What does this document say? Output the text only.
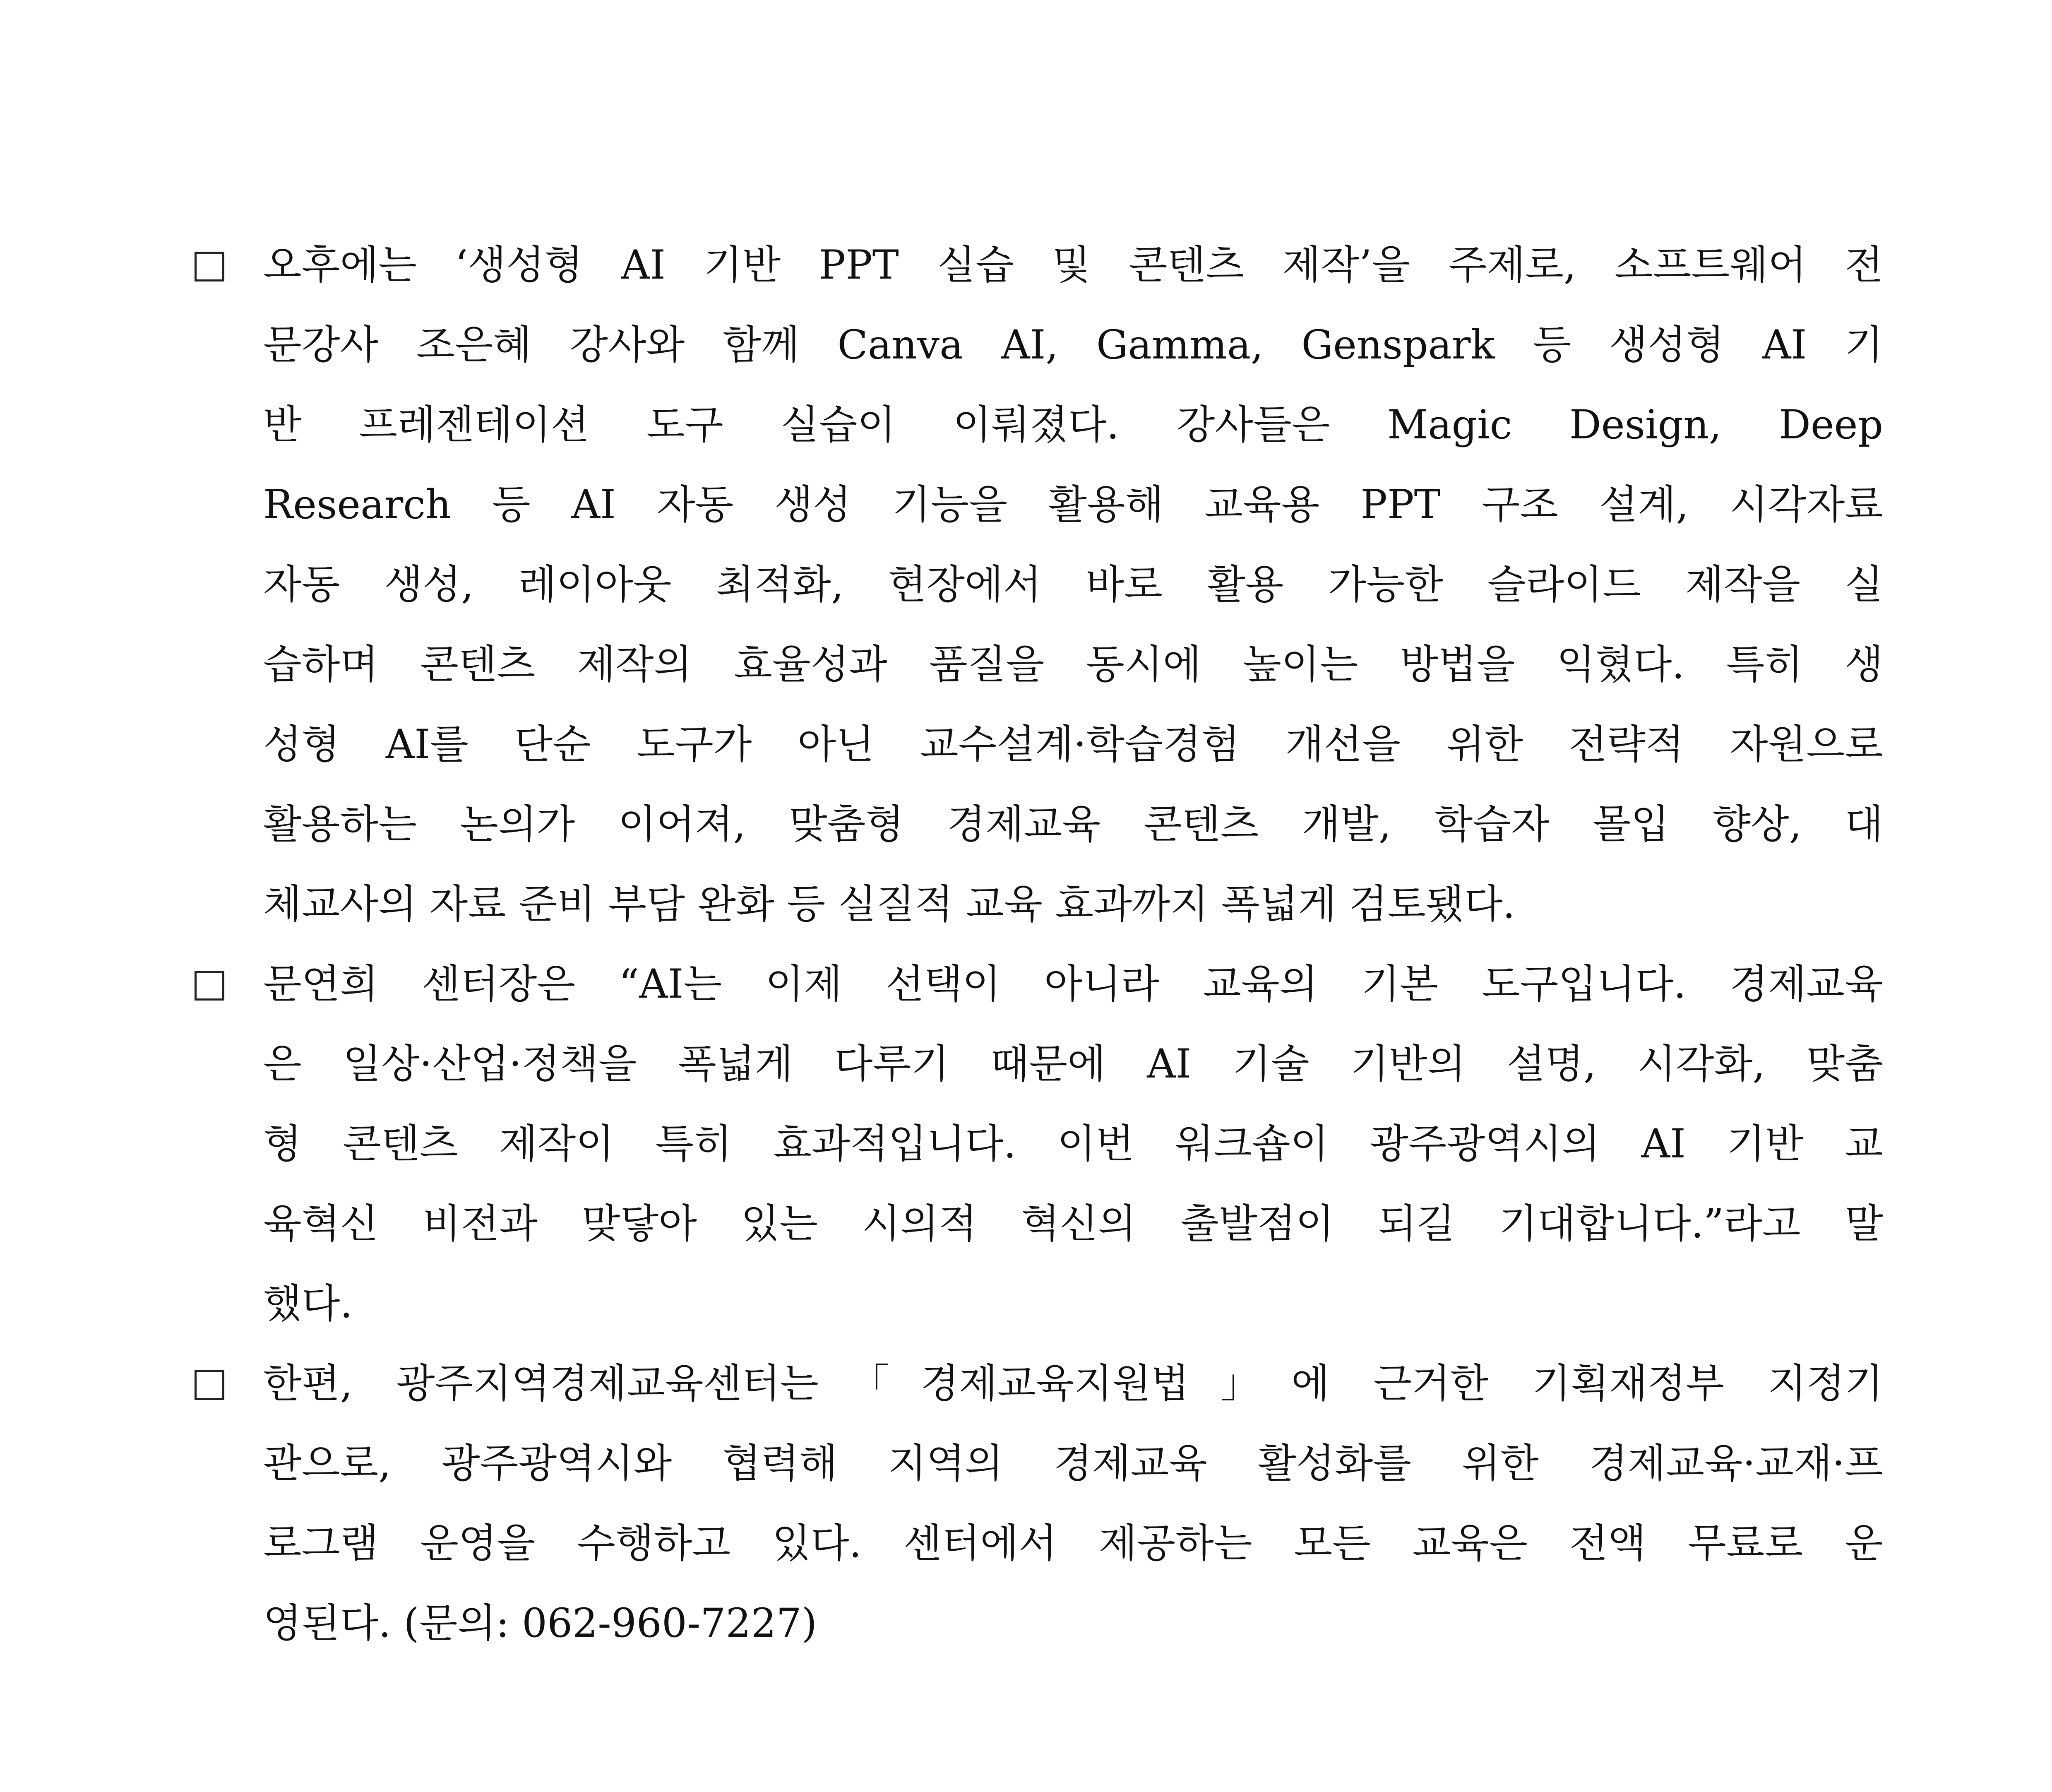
오후에는 ‘생성형 AI 기반 PPT 실습 및 콘텐츠 제작’을 주제로, 소프트웨어 전
문강사 조은혜 강사와 함께 Canva AI, Gamma, Genspark 등 생성형 AI 기
반 프레젠테이션 도구 실습이 이뤄졌다. 강사들은 Magic Design, Deep
Research 등 AI 자동 생성 기능을 활용해 교육용 PPT 구조 설계, 시각자료
자동 생성, 레이아웃 최적화, 현장에서 바로 활용 가능한 슬라이드 제작을 실
습하며 콘텐츠 제작의 효율성과 품질을 동시에 높이는 방법을 익혔다. 특히 생
성형 AI를 단순 도구가 아닌 교수설계·학습경험 개선을 위한 전략적 자원으로
활용하는 논의가 이어져, 맞춤형 경제교육 콘텐츠 개발, 학습자 몰입 향상, 대
체교사의 자료 준비 부담 완화 등 실질적 교육 효과까지 폭넓게 검토됐다.
문연희 센터장은 “AI는 이제 선택이 아니라 교육의 기본 도구입니다. 경제교육
은 일상·산업·정책을 폭넓게 다루기 때문에 AI 기술 기반의 설명, 시각화, 맞춤
형 콘텐츠 제작이 특히 효과적입니다. 이번 워크숍이 광주광역시의 AI 기반 교
육혁신 비전과 맞닿아 있는 시의적 혁신의 출발점이 되길 기대합니다.”라고 말
했다.
한편, 광주지역경제교육센터는「경제교육지원법」에 근거한 기획재정부 지정기
관으로, 광주광역시와 협력해 지역의 경제교육 활성화를 위한 경제교육·교재·프
로그램 운영을 수행하고 있다. 센터에서 제공하는 모든 교육은 전액 무료로 운
영된다. (문의: 062-960-7227)
